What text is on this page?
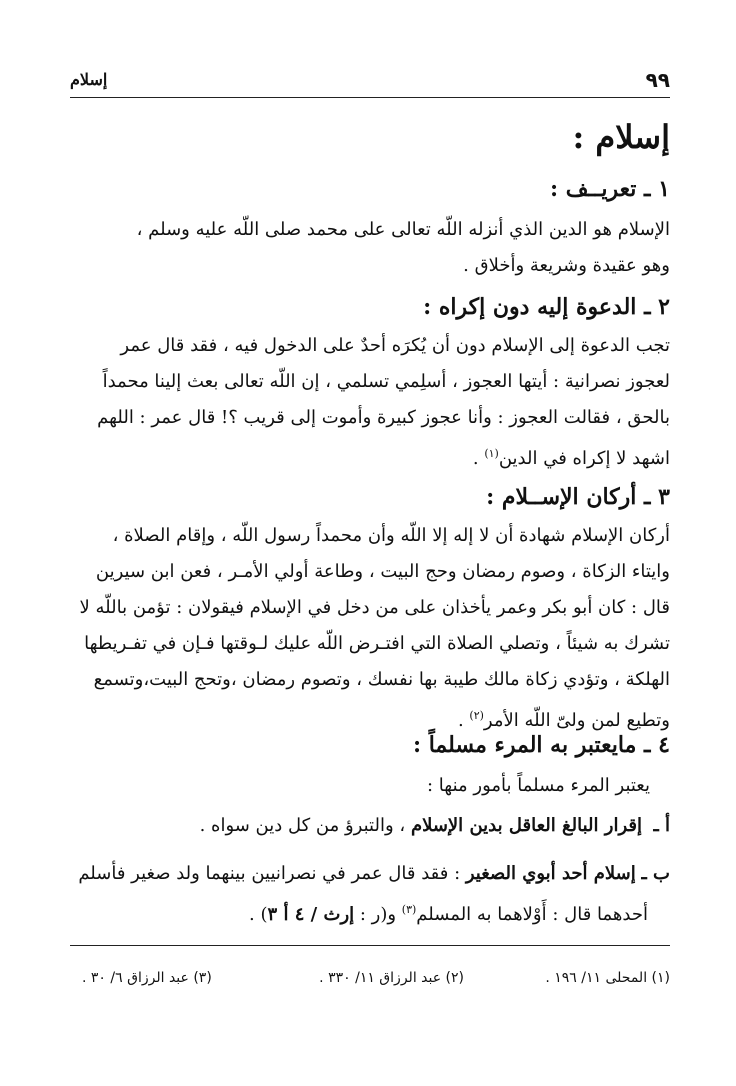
٩٩
إسلام
إسلام :
١ ـ تعريــف :
الإسلام هو الدين الذي أنزله اللّه تعالى على محمد صلى اللّه عليه وسلم ،
وهو عقيدة وشريعة وأخلاق .
٢ ـ الدعوة إليه دون إكراه :
تجب الدعوة إلى الإسلام دون أن يُكرَه أحدٌ على الدخول فيه ، فقد قال عمر
لعجوز نصرانية : أيتها العجوز ، أسلِمي تسلمي ، إن اللّه تعالى بعث إلينا محمداً
بالحق ، فقالت العجوز : وأنا عجوز كبيرة وأموت إلى قريب ؟! قال عمر : اللهم
اشهد لا إكراه في الدين$^{(١)}$ .
٣ ـ أركان الإســلام :
أركان الإسلام شهادة أن لا إله إلا اللّه وأن محمداً رسول اللّه ، وإقام الصلاة ،
وايتاء الزكاة ، وصوم رمضان وحج البيت ، وطاعة أولي الأمـر ، فعن ابن سيرين
قال : كان أبو بكر وعمر يأخذان على من دخل في الإسلام فيقولان : تؤمن باللّه لا
تشرك به شيئاً ، وتصلي الصلاة التي افتـرض اللّه عليك لـوقتها فـإن في تفـريطها
الهلكة ، وتؤدي زكاة مالك طيبة بها نفسك ، وتصوم رمضان ،وتحج البيت،وتسمع
وتطيع لمن ولىّ اللّه الأمر$^{(٢)}$ .
٤ ـ مايعتبر به المرء مسلماً :
يعتبر المرء مسلماً بأمور منها :
أ ـ  إقرار البالغ العاقل بدين الإسلام ، والتبرؤ من كل دين سواه .
ب ـ إسلام أحد أبوي الصغير : فقد قال عمر في نصرانيين بينهما ولد صغير فأسلم
أحدهما قال : أَوْلاهما به المسلم$^{(٣)}$ و(ر : إرث / ٤ أ ٣) .
(١) المحلى ١١/ ١٩٦ .
(٢) عبد الرزاق ١١/ ٣٣٠ .
(٣) عبد الرزاق ٦/ ٣٠ .
